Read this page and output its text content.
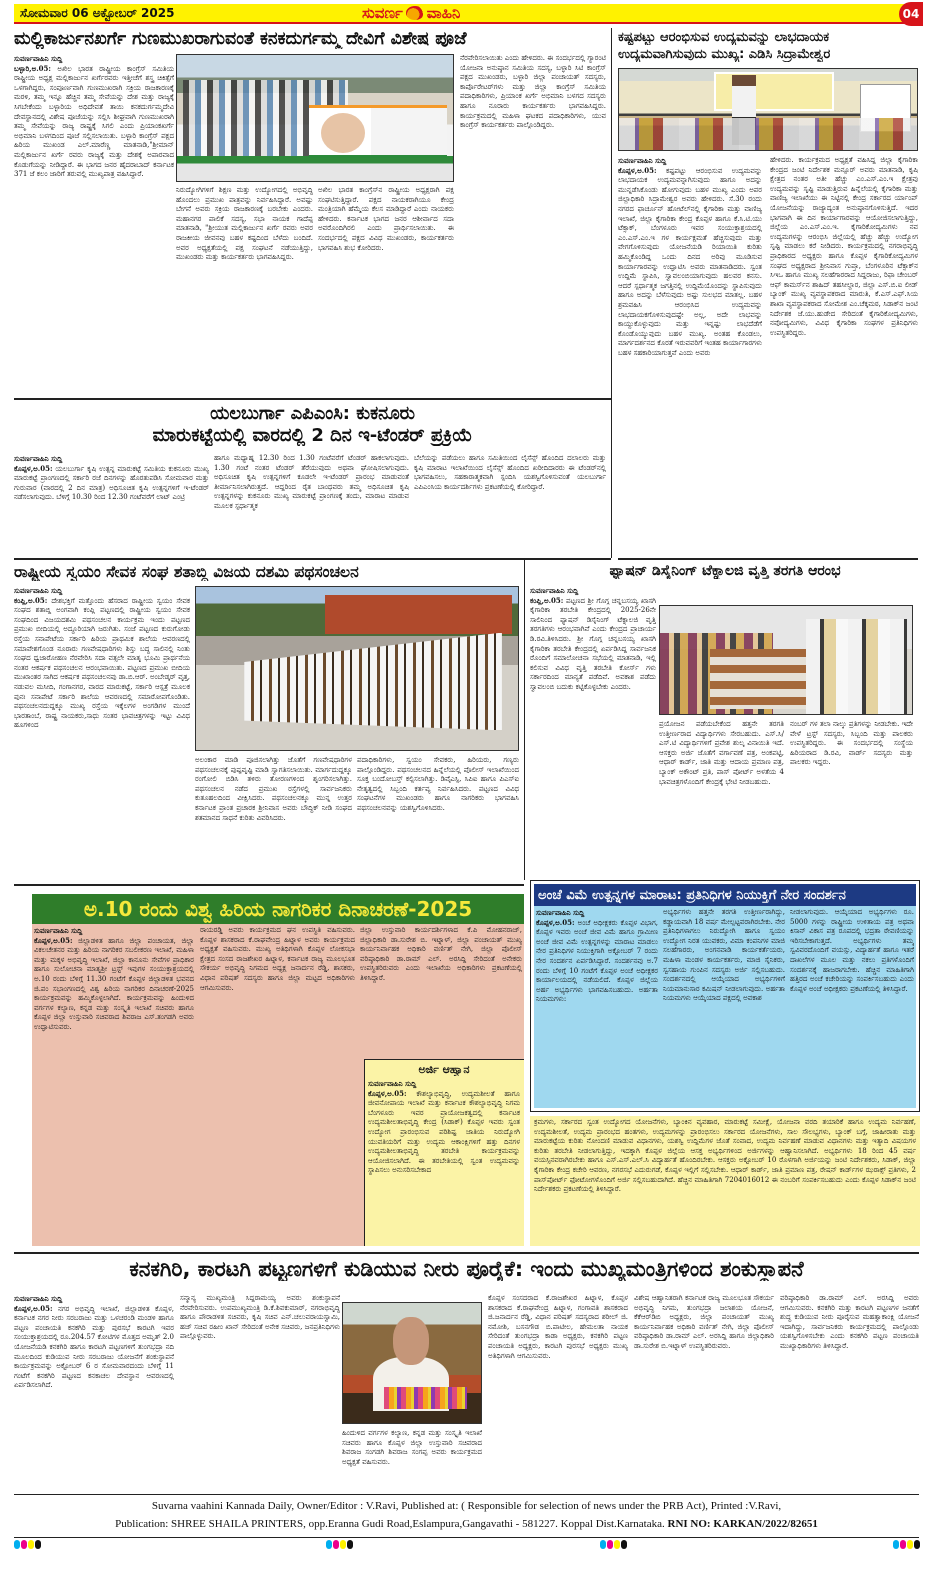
ಸೋಮವಾರ 06 ಅಕ್ಟೋಬರ್ 2025	ಸುವರ್ಣ ವಾಹಿನಿ	04
ಮಲ್ಲಿಕಾರ್ಜುನಖರ್ಗೆ ಗುಣಮುಖರಾಗುವಂತೆ ಕನಕದುರ್ಗಮ್ಮ ದೇವಿಗೆ ವಿಶೇಷ ಪೂಜೆ
ಸುವರ್ಣವಾಹಿನಿ ಸುದ್ದಿ
ಬಳ್ಳಾರಿ,ಅ.05: ಅಖಿಲ ಭಾರತ ರಾಷ್ಟ್ರೀಯ ಕಾಂಗ್ರೆಸ್ ಸಮಿತಿಯ ರಾಷ್ಟ್ರೀಯ ಅಧ್ಯಕ್ಷ ಮಲ್ಲಿಕಾರ್ಜುನ ಖರ್ಗೆರವರು ಇತ್ತೀಚೆಗೆ ಶಸ್ತ್ರ ಚಿಕಿತ್ಸೆಗೆ ಒಳಗಾಗಿದ್ದರು, ಸಂಪೂರ್ಣವಾಗಿ ಗುಣಮುಖರಾಗಿ ಸಕ್ರಿಯ ರಾಜಕಾರಣಕ್ಕೆ ಮರಳಿ, ತಮ್ಮ ಇನ್ನೂ ಹೆಚ್ಚಿನ ತಮ್ಮ ಸೇವೆಯನ್ನು ದೇಶ ಮತ್ತು ರಾಜ್ಯಕ್ಕೆ ಸಿಗಬೇಕೆಂದು ಬಳ್ಳಾರಿಯ ಅಧಿದೇವತೆ ತಾಯಿ ಕನಕದುರ್ಗಮ್ಮದೇವಿ ದೇವಸ್ಥಾನದಲ್ಲಿ ವಿಶೇಷ ಪೂಜೆಯನ್ನು ಸಲ್ಲಿಸಿ ಶೀಘ್ರವಾಗಿ ಗುಣಮುಖರಾಗಿ ತಮ್ಮ ಸೇವೆಯನ್ನು ರಾಜ್ಯ ರಾಷ್ಟ್ರಕ್ಕೆ ಸಿಗಲಿ ಎಂದು ಪ್ರಿಯಾಂಕಖರ್ಗೆ ಅಭಿಮಾನಿ ಬಳಗದಿಂದ ಪೂಜೆ ಸಲ್ಲಿಸಲಾಯಿತು. ಬಳ್ಳಾರಿ ಕಾಂಗ್ರೆಸ್ ಪಕ್ಷದ ಹಿರಿಯ ಮುಖಂಡ ಎಲ್.ಮಾರೆಣ್ಣ ಮಾತನಾಡಿ,"ಶ್ರೀಮಾನ್ ಮಲ್ಲಿಕಾರ್ಜುನ ಖರ್ಗೆ ರವರು ರಾಜ್ಯಕ್ಕೆ ಮತ್ತು ದೇಶಕ್ಕೆ ಅಪಾರವಾದ ಕೊಡುಗೆಯನ್ನು ನೀಡಿದ್ದಾರೆ. ಈ ಭಾಗದ ಜನರ ಹೈದರಾಬಾದ್ ಕರ್ನಾಟಕ 371 ಜೆ ಕಲಂ ಜಾರಿಗೆ ತರುವಲ್ಲಿ ಮುಖ್ಯಪಾತ್ರ ವಹಿಸಿದ್ದಾರೆ.
ನಿರುದ್ಯೋಗಿಗಳಿಗೆ ಶಿಕ್ಷಣ ಮತ್ತು ಉದ್ಯೋಗದಲ್ಲಿ ಅಭಿವೃದ್ಧಿ ಹೊಂದಲು ಪ್ರಮುಖ ಪಾತ್ರವನ್ನು ನಿರ್ವಹಿಸಿದ್ದಾರೆ. ಅವಷ್ಟು ಬೇಗನೆ ಅವರು ಸಕ್ರಿಯ ರಾಜಕಾರಣಕ್ಕೆ ಬರಬೇಕು ಎಂದರು. ಮಹಾನಗರ ಪಾಲಿಕೆ ಸದಸ್ಯ, ಸಭಾ ನಾಯಕ ಗಾದೆಪ್ಪ ಮಾತನಾಡಿ, "ಶ್ರೀಯುತ ಮಲ್ಲಿಕಾರ್ಜುನ ಖರ್ಗೆ ರವರು ಅವರ ರಾಜಕೀಯ ಜೀವನವು ಬಹಳ ಕಷ್ಟದಿಂದ ಬೆಳೆದು ಬಂದಿದೆ. ಅವರ ಅಧ್ಯಕ್ಷತೆಯಲ್ಲಿ ಪಕ್ಷ ಸಂಘಟನೆ ನಡೆಯುತ್ತಿದ್ದು, ಮುಖಂಡರು ಮತ್ತು ಕಾರ್ಯಕರ್ತರು ಭಾಗವಹಿಸಿದ್ದರು.
ಅಖಿಲ ಭಾರತ ಕಾಂಗ್ರೆಸ್‌ನ ರಾಷ್ಟ್ರೀಯ ಅಧ್ಯಕ್ಷರಾಗಿ ಪಕ್ಷ ಸಂಘಟಿಸುತ್ತಿದ್ದಾರೆ. ಪಕ್ಷದ ನಾಯಕರಾಗಿಯೂ ಕೇಂದ್ರ ಮಂತ್ರಿಯಾಗಿ ಹೆಮ್ಮೆಯ ಕೆಲಸ ಮಾಡಿದ್ದಾರೆ ಎಂದು ನಾಯಕರು ಹೇಳಿದರು. ಕರ್ನಾಟಕ ಭಾಗದ ಜನರ ಆಶೀರ್ವಾದ ಸದಾ ಅವರೊಂದಿಗಿರಲಿ ಎಂದು ಪ್ರಾರ್ಥಿಸಲಾಯಿತು. ಈ ಸಂದರ್ಭದಲ್ಲಿ ಪಕ್ಷದ ವಿವಿಧ ಮುಖಂಡರು, ಕಾರ್ಯಕರ್ತರು ಭಾಗವಹಿಸಿ ಶುಭ ಕೋರಿದರು.
ನೆರವೇರಿಸಲಾಯಿತು ಎಂದು ಹೇಳಿದರು. ಈ ಸಂದರ್ಭದಲ್ಲಿ ಗ್ಯಾರಂಟಿ ಯೋಜನಾ ಅನುಷ್ಠಾನ ಸಮಿತಿಯ ಸದಸ್ಯ, ಬಳ್ಳಾರಿ ಸಿಟಿ ಕಾಂಗ್ರೆಸ್ ಪಕ್ಷದ ಮುಖಂಡರು, ಬಳ್ಳಾರಿ ಜಿಲ್ಲಾ ಪಂಚಾಯತ್ ಸದಸ್ಯರು, ಕಾರ್ಪೊರೇಟರ್‌ಗಳು ಮತ್ತು ಜಿಲ್ಲಾ ಕಾಂಗ್ರೆಸ್ ಸಮಿತಿಯ ಪದಾಧಿಕಾರಿಗಳು, ಪ್ರಿಯಾಂಕ ಖರ್ಗೆ ಅಭಿಮಾನಿ ಬಳಗದ ಸದಸ್ಯರು ಹಾಗೂ ನೂರಾರು ಕಾರ್ಯಕರ್ತರು ಭಾಗವಹಿಸಿದ್ದರು. ಕಾರ್ಯಕ್ರಮದಲ್ಲಿ ಮಹಿಳಾ ಘಟಕದ ಪದಾಧಿಕಾರಿಗಳು, ಯುವ ಕಾಂಗ್ರೆಸ್ ಕಾರ್ಯಕರ್ತರು ಪಾಲ್ಗೊಂಡಿದ್ದರು.
ಕಷ್ಟಪಟ್ಟು ಆರಂಭಿಸುವ ಉದ್ಯಮವನ್ನು ಲಾಭದಾಯಕ
ಉದ್ಯಮವಾಗಿಸುವುದು ಮುಖ್ಯ: ಎಡಿಸಿ ಸಿದ್ರಾಮೇಶ್ವರ
ಸುವರ್ಣವಾಹಿನಿ ಸುದ್ದಿ
ಕೊಪ್ಪಳ,ಅ.05: ಕಷ್ಟಪಟ್ಟು ಆರಂಭಿಸುವ ಉದ್ಯಮವನ್ನು ಲಾಭದಾಯಕ ಉದ್ಯಮವನ್ನಾಗಿಸುವುದು ಹಾಗೂ ಅದನ್ನು ಮುನ್ನಡೆಸಿಕೊಂಡು ಹೋಗುವುದು ಬಹಳ ಮುಖ್ಯ ಎಂದು ಅಪರ ಜಿಲ್ಲಾಧಿಕಾರಿ ಸಿದ್ರಾಮೇಶ್ವರ ಅವರು ಹೇಳಿದರು. ಸೆ.30 ರಂದು ನಗರದ ಫಾರ್ಚೂನ್ ಹೋಟೆಲ್‌ನಲ್ಲಿ ಕೈಗಾರಿಕಾ ಮತ್ತು ವಾಣಿಜ್ಯ ಇಲಾಖೆ, ಜಿಲ್ಲಾ ಕೈಗಾರಿಕಾ ಕೇಂದ್ರ ಕೊಪ್ಪಳ ಹಾಗೂ ಕೆ.ಸಿ.ಟಿ.ಯು ಟೆಕ್ಸಾಕ್, ಬೆಂಗಳೂರು ಇವರ ಸಂಯುಕ್ತಾಶ್ರಯದಲ್ಲಿ ಎಂ.ಎಸ್.ಎಂ.ಇ ಗಳ ಕಾರ್ಯಕ್ಷಮತೆ ಹೆಚ್ಚಿಸುವುದು ಮತ್ತು ವೇಗಗೊಳಿಸುವುದು ಯೋಜನೆಯಡಿ ರಿಯಾಯಿತಿ ಕುರಿತು ಹಮ್ಮಿಕೊಂಡಿದ್ದ ಒಂದು ದಿನದ ಅರಿವು ಮೂಡಿಸುವ ಕಾರ್ಯಾಗಾರವನ್ನು ಉದ್ಘಾಟಿಸಿ ಅವರು ಮಾತನಾಡಿದರು. ಸ್ವಂತ ಉದ್ದಿಮೆ ಸ್ಥಾಪಿಸಿ, ಸ್ವಾವಲಂಬಿಯಾಗುವುದು ಹಲವರ ಕನಸು. ಆದರೆ ಸ್ಪರ್ಧಾತ್ಮಕ ಜಗತ್ತಿನಲ್ಲಿ ಉದ್ದಿಮೆಯೊಂದನ್ನು ಸ್ಥಾಪಿಸುವುದು ಹಾಗೂ ಅದನ್ನು ಬೆಳೆಸುವುದು ಅಷ್ಟು ಸುಲಭದ ಮಾತಲ್ಲ. ಬಹಳ ಶ್ರಮವಹಿಸಿ ಆರಂಭಿಸಿದ ಉದ್ಯಮವನ್ನು ಲಾಭದಾಯಕಗೊಳಿಸುವುದಷ್ಟೇ ಅಲ್ಲ, ಅದೇ ಲಾಭವನ್ನು ಕಾಯ್ದುಕೊಳ್ಳುವುದು ಮತ್ತು ಇನ್ನಷ್ಟು ಲಾಭದೆಡೆಗೆ ಕೊಂಡೊಯ್ಯುವುದು ಬಹಳ ಮುಖ್ಯ. ಅಂತಹ ಕೊಂಡಲು, ಮಾರ್ಗದರ್ಶನದ ಕೊರತೆ ಇರುವವರಿಗೆ ಇಂತಹ ಕಾರ್ಯಾಗಾರಗಳು ಬಹಳ ಸಹಕಾರಿಯಾಗುತ್ತವೆ ಎಂದು ಅವರು
ಹೇಳಿದರು. ಕಾರ್ಯಕ್ರಮದ ಅಧ್ಯಕ್ಷತೆ ವಹಿಸಿದ್ದ ಜಿಲ್ಲಾ ಕೈಗಾರಿಕಾ ಕೇಂದ್ರದ ಜಂಟಿ ನಿರ್ದೇಶಕ ಮನ್ಸೂರ್ ಅವರು ಮಾತನಾಡಿ, ಕೃಷಿ ಕ್ಷೇತ್ರದ ನಂತರ ಅತೀ ಹೆಚ್ಚು ಎಂ.ಎಸ್.ಎಂ.ಇ ಕ್ಷೇತ್ರವು ಉದ್ಯಮವನ್ನು ಸೃಷ್ಟಿ ಮಾಡುತ್ತಿರುವ ಹಿನ್ನೆಲೆಯಲ್ಲಿ ಕೈಗಾರಿಕಾ ಮತ್ತು ವಾಣಿಜ್ಯ ಇಲಾಖೆಯು ಈ ನಿಟ್ಟಿನಲ್ಲಿ ಕೇಂದ್ರ ಸರ್ಕಾರದ ರ್ಯಾಂಪ್ ಯೋಜನೆಯನ್ನು ರಾಜ್ಯಾದ್ಯಂತ ಅನುಷ್ಠಾನಗೊಳಿಸುತ್ತಿದೆ. ಇದರ ಭಾಗವಾಗಿ ಈ ದಿನ ಕಾರ್ಯಾಗಾರವನ್ನು ಆಯೋಜಿಸಲಾಗುತ್ತಿದ್ದು, ಜಿಲ್ಲೆಯ ಎಂ.ಎಸ್.ಎಂ.ಇ. ಕೈಗಾರಿಕೋದ್ಯಮಿಗಳು ನವ ಉದ್ಯಮಗಳನ್ನು ಆರಂಭಿಸಿ ಜಿಲ್ಲೆಯಲ್ಲಿ ಹೆಚ್ಚು ಹೆಚ್ಚು ಉದ್ಯೋಗ ಸೃಷ್ಟಿ ಮಾಡಲು ಕರೆ ನೀಡಿದರು. ಕಾರ್ಯಕ್ರಮದಲ್ಲಿ ನಗರಾಭಿವೃದ್ಧಿ ಪ್ರಾಧಿಕಾರದ ಅಧ್ಯಕ್ಷರು ಹಾಗೂ ಕೊಪ್ಪಳ ಕೈಗಾರಿಕೋದ್ಯಮಿಗಳ ಸಂಘದ ಅಧ್ಯಕ್ಷರಾದ ಶ್ರೀನಿವಾಸ ಗುಪ್ತಾ, ಬೆಂಗಳೂರಿನ ಟೆಕ್ಸಾಕ್‌ನ ಸಿಇಒ ಹಾಗೂ ಮುಖ್ಯ ಸಲಹೆಗಾರರಾದ ಸಿದ್ದರಾಜು, ರಿಫಾ ಚೇಂಬರ್ ಆಫ್ ಕಾಮರ್ಸ್‌ನ ಶಾಹಿದ್ ತಹಸೀಲ್ದಾರ, ಜಿಲ್ಲಾ ಎಸ್.ಬಿ.ಐ ಲೀಡ್ ಬ್ಯಾಂಕ್ ಮುಖ್ಯ ವ್ಯವಸ್ಥಾಪಕರಾದ ಮಾರುತಿ, ಕೆ.ಎಸ್.ಎಫ್.ಸಿಯ ಶಾಖಾ ವ್ಯವಸ್ಥಾಪಕರಾದ ಸೋಮೇಶ ಎಂ.ಚೆಕ್ಕಮಠ, ಸಿಡಾಕ್‌ನ ಜಂಟಿ ನಿರ್ದೇಶಕ ಜೆ.ಯು.ಹುಡೇದ ಸೇರಿದಂತೆ ಕೈಗಾರಿಕೋದ್ಯಮಿಗಳು, ನವೋದ್ಯಮಿಗಳು, ವಿವಿಧ ಕೈಗಾರಿಕಾ ಸಂಘಗಳ ಪ್ರತಿನಿಧಿಗಳು ಉಪಸ್ಥಿತರಿದ್ದರು.
ಯಲಬುರ್ಗಾ ಎಪಿಎಂಸಿ: ಕುಕನೂರು
ಮಾರುಕಟ್ಟೆಯಲ್ಲಿ ವಾರದಲ್ಲಿ 2 ದಿನ ಇ-ಟೆಂಡರ್ ಪ್ರಕ್ರಿಯೆ
ಸುವರ್ಣವಾಹಿನಿ ಸುದ್ದಿ
ಕೊಪ್ಪಳ,ಅ.05: ಯಲಬುರ್ಗಾ ಕೃಷಿ ಉತ್ಪನ್ನ ಮಾರುಕಟ್ಟೆ ಸಮಿತಿಯ ಕುಕನೂರು ಮುಖ್ಯ ಮಾರುಕಟ್ಟೆ ಪ್ರಾಂಗಣದಲ್ಲಿ ಸರ್ಕಾರಿ ರಜೆ ದಿನಗಳನ್ನು ಹೊರತುಪಡಿಸಿ ಸೋಮವಾರ ಮತ್ತು ಗುರುವಾರ (ವಾರದಲ್ಲಿ 2 ದಿನ ಮಾತ್ರ) ಅಧಿಸೂಚಿತ ಕೃಷಿ ಉತ್ಪನ್ನಗಳಿಗೆ ಇ-ಟೆಂಡರ್ ನಡೆಸಲಾಗುವುದು. ಬೆಳಿಗ್ಗೆ 10.30 ರಿಂದ 12.30 ಗಂಟೆವರೆಗೆ ಲಾಟ್ ಎಂಟ್ರಿ
ಹಾಗೂ ಮಧ್ಯಾಹ್ನ 12.30 ರಿಂದ 1.30 ಗಂಟೆವರೆಗೆ ಟೆಂಡರ್ ಹಾಕಲಾಗುವುದು. 1.30 ಗಂಟೆ ನಂತರ ಟೆಂಡರ್ ತೆರೆಯುವುದು ಅಥವಾ ಘೋಷಿಸಲಾಗುವುದು. ಅಧಿಸೂಚಿತ ಕೃಷಿ ಉತ್ಪನ್ನಗಳಿಗೆ ಕೂಡಲೇ ಇ-ಟೆಂಡರ್ ಪ್ರಾರಂಭ ಮಾಡುವಂತೆ ತೀರ್ಮಾನಿಸಲಾಗಿರುತ್ತದೆ. ಆದ್ದರಿಂದ ರೈತ ಬಾಂಧವರು ತಮ್ಮ ಅಧಿಸೂಚಿತ ಕೃಷಿ ಉತ್ಪನ್ನಗಳನ್ನು ಕುಕನೂರು ಮುಖ್ಯ ಮಾರುಕಟ್ಟೆ ಪ್ರಾಂಗಣಕ್ಕೆ ತಂದು, ಮಾರಾಟ ಮಾಡುವ ಮೂಲಕ ಸ್ಪರ್ಧಾತ್ಮಕ
ಬೆಲೆಯನ್ನು ಪಡೆಯಲು ಹಾಗೂ ಸಮಿತಿಯಿಂದ ಲೈಸೆನ್ಸ್ ಹೊಂದಿದ ದಲಾಲರು ಮತ್ತು ಕೃಷಿ ಮಾರಾಟ ಇಲಾಖೆಯಿಂದ ಲೈಸೆನ್ಸ್ ಹೊಂದಿದ ಖರೀದಿದಾರರು ಈ ಟೆಂಡರ್‌ನಲ್ಲಿ ಭಾಗವಹಿಸಲು, ಸಹಕಾರಾತ್ಮಕವಾಗಿ ಸ್ಪಂದಿಸಿ ಯಶಸ್ವಿಗೊಳಿಸುವಂತೆ ಯಲಬುರ್ಗಾ ಎಪಿಎಂಸಿಯ ಕಾರ್ಯದರ್ಶಿಗಳು ಪ್ರಕಟಣೆಯಲ್ಲಿ ಕೋರಿದ್ದಾರೆ.
ರಾಷ್ಟ್ರೀಯ ಸ್ವಯಂ ಸೇವಕ ಸಂಘ ಶತಾಬ್ದಿ ವಿಜಯ ದಶಮಿ ಪಥಸಂಚಲನ
ಸುವರ್ಣವಾಹಿನಿ ಸುದ್ದಿ
ಕಂಪ್ಲಿ,ಅ.05: ದೇಶಭಕ್ತಿಗೆ ಮತ್ತೊಂದು ಹೆಸರಾದ ರಾಷ್ಟ್ರೀಯ ಸ್ವಯಂ ಸೇವಕ ಸಂಘದ ಶತಾಬ್ದಿ ಅಂಗವಾಗಿ ಕಂಪ್ಲಿ ಪಟ್ಟಣದಲ್ಲಿ ರಾಷ್ಟ್ರೀಯ ಸ್ವಯಂ ಸೇವಕ ಸಂಘದಿಂದ ವಿಜಯದಶಮಿ ಪಥಸಂಚಲನ ಕಾರ್ಯಕ್ರಮ ಇಂದು ಪಟ್ಟಣದ ಪ್ರಮುಖ ಬೀದಿಯಲ್ಲಿ ಅದ್ಧೂರಿಯಾಗಿ ಜರುಗಿತು. ಸಂಜೆ ಪಟ್ಟಣದ ಕುರುಗೋಡು ರಸ್ತೆಯ ಸನಾಪೇಟೆಯ ಸರ್ಕಾರಿ ಹಿರಿಯ ಪ್ರಾಥಮಿಕ ಶಾಲೆಯ ಆವರಣದಲ್ಲಿ ಸಮಾವೇಶಗೊಂಡ ನೂರಾರು ಗಣವೇಷಧಾರಿಗಳು ಶಿಸ್ತು ಬದ್ಧ ಸಾಲಿನಲ್ಲಿ ನಿಂತು ಸಂಘದ ಧ್ವಜಾರೋಹಣ ನೆರವೇರಿಸಿ ಸದಾ ವತ್ಸಲೇ ಮಾತೃ ಭೂಮಿ ಪ್ರಾರ್ಥನೆಯ ನಂತರ ಆಕರ್ಷಕ ಪಥಸಂಚಲನ ಆರಂಭವಾಯಿತು. ಪಟ್ಟಣದ ಪ್ರಮುಖ ಬೀದಿಯ ಮುಖಾಂತರ ಸಾಗಿದ ಆಕರ್ಷಕ ಪಥಸಂಚಲನವು ಡಾ.ಬಿ.ಆರ್. ಅಂಬೇಡ್ಕರ್ ವೃತ್ತ, ನಡುವಲ ಮಸೀದಿ, ಗಂಗಾನಗರ, ವಾರದ ಮಾರುಕಟ್ಟೆ, ಸರ್ಕಾರಿ ಆಸ್ಪತ್ರೆ ಮೂಲಕ ಪುನಃ ಸನಾಪೇಟೆ ಸರ್ಕಾರಿ ಶಾಲೆಯ ಆವರಣದಲ್ಲಿ ಸಮಾರೋಪಗೊಂಡಿತು. ಪಥಸಂಚಲನದುದ್ದಕ್ಕೂ ಮುಖ್ಯ ರಸ್ತೆಯ ಇಕ್ಕೆಲಗಳ ಅಂಗಡಿಗಳ ಮುಂದೆ ಭಾರತಾಂಬೆ, ರಾಷ್ಟ್ರ ನಾಯಕರು,ಸಾಧು ಸಂತರ ಭಾವಚಿತ್ರಗಳನ್ನು ಇಟ್ಟು ವಿವಿಧ ಹೂಗಳಿಂದ
ಅಲಂಕಾರ ಮಾಡಿ ಪೂಜಿಸಲಾಗಿತ್ತು ಜೊತೆಗೆ ಗಣವೇಷಧಾರಿಗಳ ಪಥಸಂಚಲನಕ್ಕೆ ಪುಷ್ಪವೃಷ್ಟಿ ಮಾಡಿ ಸ್ವಾಗತಿಸಲಾಯಿತು. ಮಾರ್ಗದುದ್ದಕ್ಕೂ ರಂಗೋಲಿ ಬಿಡಿಸಿ ತಳಿರು ತೋರಣಗಳಿಂದ ಶೃಂಗರಿಸಲಾಗಿತ್ತು. ಪಥಸಂಚಲನ ನಡೆದ ಪ್ರಮುಖ ರಸ್ತೆಗಳಲ್ಲಿ ಸಾರ್ವಜನಿಕರು ಕುತೂಹಲದಿಂದ ವೀಕ್ಷಿಸಿದರು. ಪಥಸಂಚಲನಕ್ಕೂ ಮುನ್ನ ಉತ್ತರ ಕರ್ನಾಟಕ ಪ್ರಾಂತ ಪ್ರಚಾರಕ ಶ್ರೀನಿವಾಸ ಅವರು ಬೌದ್ಧಿಕ್ ನೀಡಿ ಸಂಘದ ಶತಮಾನದ ಸಾಧನೆ ಕುರಿತು ವಿವರಿಸಿದರು.
ಪದಾಧಿಕಾರಿಗಳು, ಸ್ವಯಂ ಸೇವಕರು, ಹಿರಿಯರು, ಗಣ್ಯರು ಪಾಲ್ಗೊಂಡಿದ್ದರು. ಪಥಸಂಚಲನದ ಹಿನ್ನೆಲೆಯಲ್ಲಿ ಪೊಲೀಸ್ ಇಲಾಖೆಯಿಂದ ಸೂಕ್ತ ಬಂದೋಬಸ್ತ್ ಕಲ್ಪಿಸಲಾಗಿತ್ತು. ಡಿವೈಎಸ್ಪಿ, ಸಿಪಿಐ ಹಾಗೂ ಪಿಎಸ್ಐ ನೇತೃತ್ವದಲ್ಲಿ ಸಿಬ್ಬಂದಿ ಕರ್ತವ್ಯ ನಿರ್ವಹಿಸಿದರು. ಪಟ್ಟಣದ ವಿವಿಧ ಸಂಘಟನೆಗಳ ಮುಖಂಡರು ಹಾಗೂ ನಾಗರಿಕರು ಭಾಗವಹಿಸಿ ಪಥಸಂಚಲನವನ್ನು ಯಶಸ್ವಿಗೊಳಿಸಿದರು.
ಫ್ಯಾಷನ್ ಡಿಸೈನಿಂಗ್ ಟೆಕ್ನಾಲಜಿ ವೃತ್ತಿ ತರಗತಿ ಆರಂಭ
ಸುವರ್ಣವಾಹಿನಿ ಸುದ್ದಿ
ಕಂಪ್ಲಿ,ಅ.05: ಪಟ್ಟಣದ ಶ್ರೀ ಗೊಗ್ಗ ಚನ್ನಬಸಯ್ಯ ಖಾಸಗಿ ಕೈಗಾರಿಕಾ ತರಬೇತಿ ಕೇಂದ್ರದಲ್ಲಿ 2025-26ನೇ ಸಾಲಿನಿಂದ ಫ್ಯಾಷನ್ ಡಿಸೈನಿಂಗ್ ಟೆಕ್ನಾಲಜಿ ವೃತ್ತಿ ತರಗತಿಗಳು ಆರಂಭವಾಗಿವೆ ಎಂದು ಕೇಂದ್ರದ ಪ್ರಾಚಾರ್ಯ ಡಿ.ರವಿ.ತಿಳಿಸಿದರು. ಶ್ರೀ ಗೊಗ್ಗ ಚನ್ನಬಸಯ್ಯ ಖಾಸಗಿ ಕೈಗಾರಿಕಾ ತರಬೇತಿ ಕೇಂದ್ರದಲ್ಲಿ ಏರ್ಪಡಿಸಿದ್ದ ಸಾರ್ವಜನಿಕ ರೊಂದಿಗೆ ಸಮಾಲೋಚನಾ ಸಭೆಯಲ್ಲಿ ಮಾತನಾಡಿ, ಇಲ್ಲಿ ಕಲಿಸುವ ವಿವಿಧ ವೃತ್ತಿ ತರಬೇತಿ ಕೋರ್ಸ್ ಗಳು ಸರ್ಕಾರದಿಂದ ಮಾನ್ಯತೆ ಪಡೆದಿವೆ. ಅವಕಾಶ ಪಡೆದು ಸ್ವಾವಲಂಬಿ ಬದುಕು ಕಟ್ಟಿಕೊಳ್ಳಬೇಕು ಎಂದರು.
ಪ್ರಯೋಜನ ಪಡೆಯಬೇಕೆಂದ ಹತ್ತನೇ ತರಗತಿ ಉತ್ತೀರ್ಣರಾದ ವಿದ್ಯಾರ್ಥಿಗಳು ಸೇರಬಹುದು. ಎಸ್.ಸಿ/ಎಸ್.ಟಿ ವಿದ್ಯಾರ್ಥಿಗಳಿಗೆ ಪ್ರವೇಶ ಶುಲ್ಕ ವಿನಾಯಿತಿ ಇದೆ. ಆಸಕ್ತರು ಅರ್ಜಿ ಜೊತೆಗೆ ವರ್ಗಾವಣೆ ಪತ್ರ, ಅಂಕಪಟ್ಟಿ, ಆಧಾರ್ ಕಾರ್ಡ್, ಜಾತಿ ಮತ್ತು ಆದಾಯ ಪ್ರಮಾಣ ಪತ್ರ, ಬ್ಯಾಂಕ್ ಅಕೌಂಟ್ ಪ್ರತಿ, ಪಾಸ್ ಪೋರ್ಟ್ ಅಳತೆಯ 4 ಭಾವಚಿತ್ರಗಳೊಂದಿಗೆ ಕೇಂದ್ರಕ್ಕೆ ಭೇಟಿ ನೀಡಬಹುದು.
ನಂಬರ್ ಗಳ ತಲಾ ನಾಲ್ಕು ಪ್ರತಿಗಳನ್ನು ನೀಡಬೇಕು. ಇದೇ ವೇಳೆ ಟ್ರಸ್ಟ್ ಸದಸ್ಯರು, ಸಿಬ್ಬಂದಿ ಮತ್ತು ಪಾಲಕರು ಉಪಸ್ಥಿತರಿದ್ದರು. ಈ ಸಂದರ್ಭದಲ್ಲಿ ಸಂಸ್ಥೆಯ ಹಿರಿಯರಾದ ಡಿ.ರವಿ, ವಾರ್ಡ್ ಸದಸ್ಯರು ಮತ್ತು ಪಾಲಕರು ಇದ್ದರು.
ಅ.10 ರಂದು ವಿಶ್ವ ಹಿರಿಯ ನಾಗರಿಕರ ದಿನಾಚರಣೆ-2025
ಸುವರ್ಣವಾಹಿನಿ ಸುದ್ದಿ
ಕೊಪ್ಪಳ,ಅ.05: ಜಿಲ್ಲಾಡಳಿತ ಹಾಗೂ ಜಿಲ್ಲಾ ಪಂಚಾಯತ, ಜಿಲ್ಲಾ ವಿಕಲಚೇತನರ ಮತ್ತು ಹಿರಿಯ ನಾಗರಿಕರ ಸಬಲೀಕರಣ ಇಲಾಖೆ, ಮಹಿಳಾ ಮತ್ತು ಮಕ್ಕಳ ಅಭಿವೃದ್ಧಿ ಇಲಾಖೆ, ಜಿಲ್ಲಾ ಕಾನೂನು ಸೇವೆಗಳ ಪ್ರಾಧಿಕಾರ ಹಾಗೂ ಸುಲೋಚನಾ ಮಾತೃಶ್ರೀ ಟ್ರಸ್ಟ್ ಇವುಗಳ ಸಂಯುಕ್ತಾಶ್ರಯದಲ್ಲಿ ಅ.10 ರಂದು ಬೆಳಿಗ್ಗೆ 11.30 ಗಂಟೆಗೆ ಕೊಪ್ಪಳ ಜಿಲ್ಲಾಡಳಿತ ಭವನದ ಜಿ.ಪಂ ಸಭಾಂಗಣದಲ್ಲಿ ವಿಶ್ವ ಹಿರಿಯ ನಾಗರಿಕರ ದಿನಾಚರಣೆ-2025 ಕಾರ್ಯಕ್ರಮವನ್ನು ಹಮ್ಮಿಕೊಳ್ಳಲಾಗಿದೆ. ಕಾರ್ಯಕ್ರಮವನ್ನು ಹಿಂದುಳಿದ ವರ್ಗಗಳ ಕಲ್ಯಾಣ, ಕನ್ನಡ ಮತ್ತು ಸಂಸ್ಕೃತಿ ಇಲಾಖೆ ಸಚಿವರು ಹಾಗೂ ಕೊಪ್ಪಳ ಜಿಲ್ಲಾ ಉಸ್ತುವಾರಿ ಸಚಿವರಾದ ಶಿವರಾಜ ಎಸ್.ತಂಗಡಗಿ ಅವರು ಉದ್ಘಾಟಿಸುವರು.
ರಾಯರಡ್ಡಿ ಅವರು ಕಾರ್ಯಕ್ರಮದ ಘನ ಉಪಸ್ಥಿತಿ ವಹಿಸುವರು. ಕೊಪ್ಪಳ ಶಾಸಕರಾದ ಕೆ.ರಾಘವೇಂದ್ರ ಹಿಟ್ನಾಳ ಅವರು ಕಾರ್ಯಕ್ರಮದ ಅಧ್ಯಕ್ಷತೆ ವಹಿಸುವರು. ಮುಖ್ಯ ಅತಿಥಿಗಳಾಗಿ ಕೊಪ್ಪಳ ಲೋಕಸಭಾ ಕ್ಷೇತ್ರದ ಸಂಸದ ರಾಜಶೇಖರ ಹಿಟ್ನಾಳ, ಕರ್ನಾಟಕ ರಾಜ್ಯ ಮೂಲಭೂತ ಸೌಕರ್ಯ ಅಭಿವೃದ್ಧಿ ನಿಗಮದ ಅಧ್ಯಕ್ಷ ಜನಾರ್ದನ ರೆಡ್ಡಿ, ಶಾಸಕರು, ವಿಧಾನ ಪರಿಷತ್ ಸದಸ್ಯರು ಹಾಗೂ ಜಿಲ್ಲಾ ಮಟ್ಟದ ಅಧಿಕಾರಿಗಳು ಆಗಮಿಸುವರು.
ಜಿಲ್ಲಾ ಉಸ್ತುವಾರಿ ಕಾರ್ಯದರ್ಶಿಗಳಾದ ಕೆ.ಪಿ ಮೋಹನರಾಜ್, ಜಿಲ್ಲಾಧಿಕಾರಿ ಡಾ.ಸುರೇಶ ಬಿ. ಇಟ್ನಾಳ್, ಜಿಲ್ಲಾ ಪಂಚಾಯತ್ ಮುಖ್ಯ ಕಾರ್ಯನಿರ್ವಾಹಕ ಅಧಿಕಾರಿ ವರ್ಣಿತ್ ನೇಗಿ, ಜಿಲ್ಲಾ ಪೊಲೀಸ್ ವರಿಷ್ಠಾಧಿಕಾರಿ ಡಾ.ರಾಮ್ ಎಲ್. ಅರಸಿದ್ದಿ ಸೇರಿದಂತೆ ಅನೇಕರು ಉಪಸ್ಥಿತರಿರುವರು ಎಂದು ಇಲಾಖೆಯ ಅಧಿಕಾರಿಗಳು ಪ್ರಕಟಣೆಯಲ್ಲಿ ತಿಳಿಸಿದ್ದಾರೆ.
ಅರ್ಜಿ ಆಹ್ವಾನ
ಸುವರ್ಣವಾಹಿನಿ ಸುದ್ದಿ
ಕೊಪ್ಪಳ,ಅ.05: ಕೌಶಲ್ಯಾಭಿವೃದ್ಧಿ, ಉದ್ಯಮಶೀಲತೆ ಹಾಗೂ ಜೀವನೋಪಾಯ ಇಲಾಖೆ ಮತ್ತು ಕರ್ನಾಟಕ ಕೌಶಲ್ಯಾಭಿವೃದ್ಧಿ ನಿಗಮ ಬೆಂಗಳೂರು ಇವರ ಪ್ರಾಯೋಜಕತ್ವದಲ್ಲಿ ಕರ್ನಾಟಕ ಉದ್ಯಮಶೀಲತಾಭಿವೃದ್ಧಿ ಕೇಂದ್ರ (ಸಿಡಾಕ್) ಕೊಪ್ಪಳ ಇವರು ಸ್ವಂತ ಉದ್ಯೋಗ ಪ್ರಾರಂಭಿಸುವ ಪರಿಶಿಷ್ಟ ಜಾತಿಯ ನಿರುದ್ಯೋಗಿ ಯುವತಿಯರಿಗೆ ಮತ್ತು ಉದ್ಯಮ ಆಕಾಂಕ್ಷಿಗಳಿಗೆ ಹತ್ತು ದಿನಗಳ ಉದ್ಯಮಶೀಲತಾಭಿವೃದ್ಧಿ ತರಬೇತಿ ಕಾರ್ಯಕ್ರಮವನ್ನು ಆಯೋಜಿಸಲಾಗಿದೆ. ಈ ತರಬೇತಿಯಲ್ಲಿ ಸ್ವಂತ ಉದ್ಯಮವನ್ನು ಸ್ಥಾಪಿಸಲು ಅನುಸರಿಸಬೇಕಾದ
ಅಂಚೆ ವಿಮೆ ಉತ್ಪನ್ನಗಳ ಮಾರಾಟ: ಪ್ರತಿನಿಧಿಗಳ ನಿಯುಕ್ತಿಗೆ ನೇರ ಸಂದರ್ಶನ
ಸುವರ್ಣವಾಹಿನಿ ಸುದ್ದಿ
ಕೊಪ್ಪಳ,ಅ.05: ಅಂಚೆ ಅಧೀಕ್ಷಕರು ಕೊಪ್ಪಳ ವಿಭಾಗ, ಕೊಪ್ಪಳ ಇವರು ಅಂಚೆ ಜೀವ ವಿಮೆ ಹಾಗೂ ಗ್ರಾಮೀಣ ಅಂಚೆ ಜೀವ ವಿಮೆ ಉತ್ಪನ್ನಗಳನ್ನು ಮಾರಾಟ ಮಾಡಲು ನೇರ ಪ್ರತಿನಿಧಿಗಳ ನಿಯುಕ್ತಿಗಾಗಿ ಅಕ್ಟೋಬರ್ 7 ರಂದು ನೇರ ಸಂದರ್ಶನ ಏರ್ಪಡಿಸಿದ್ದಾರೆ. ಸಂದರ್ಶನವು ಅ.7 ರಂದು ಬೆಳಿಗ್ಗೆ 10 ಗಂಟೆಗೆ ಕೊಪ್ಪಳ ಅಂಚೆ ಅಧೀಕ್ಷಕರ ಕಾರ್ಯಾಲಯದಲ್ಲಿ ನಡೆಯಲಿದೆ. ಕೊಪ್ಪಳ ಜಿಲ್ಲೆಯ ಅರ್ಹ ಅಭ್ಯರ್ಥಿಗಳು ಭಾಗವಹಿಸಬಹುದು. ಅರ್ಹತಾ ನಿಯಮಗಳು:
ಅಭ್ಯರ್ಥಿಗಳು ಹತ್ತನೇ ತರಗತಿ ಉತ್ತೀರ್ಣರಾಗಿದ್ದು, ಕಡ್ಡಾಯವಾಗಿ 18 ವರ್ಷ ಮೇಲ್ಪಟ್ಟವರಾಗಿರಬೇಕು. ನೇರ ಪ್ರತಿನಿಧಿಗಳಾಗಲು ನಿರುದ್ಯೋಗಿ ಹಾಗೂ ಸ್ವಯಂ ಉದ್ಯೋಗ ನಿರತ ಯುವಕರು, ವಿಮಾ ಕಂಪನಿಗಳ ಮಾಜಿ ಸಲಹೆಗಾರರು, ಅಂಗನವಾಡಿ ಕಾರ್ಯಕರ್ತೆಯರು, ಮಹಿಳಾ ಮಂಡಳ ಕಾರ್ಯಕರ್ತರು, ಮಾಜಿ ಸೈನಿಕರು, ಸ್ವಸಹಾಯ ಗುಂಪಿನ ಸದಸ್ಯರು ಅರ್ಜಿ ಸಲ್ಲಿಸಬಹುದು. ಸಂದರ್ಶನದಲ್ಲಿ ಆಯ್ಕೆಯಾದ ಅಭ್ಯರ್ಥಿಗಳಿಗೆ ನಿಯಮಾನುಸಾರ ಕಮಿಷನ್ ನೀಡಲಾಗುವುದು. ಅರ್ಹತಾ ನಿಯಮಗಳು ಆಯ್ಕೆಯಾದ ಪಕ್ಷದಲ್ಲಿ ಅವಕಾಶ
ನೀಡಲಾಗುವುದು. ಆಯ್ಕೆಯಾದ ಅಭ್ಯರ್ಥಿಗಳು ರೂ. 5000 ಗಳನ್ನು ರಾಷ್ಟ್ರೀಯ ಉಳಿತಾಯ ಪತ್ರ ಅಥವಾ ಕಿಸಾನ್ ವಿಕಾಸ ಪತ್ರ ರೂಪದಲ್ಲಿ ಭದ್ರತಾ ಠೇವಣಿಯನ್ನು ಇರಿಸಬೇಕಾಗುತ್ತದೆ. ಅಭ್ಯರ್ಥಿಗಳು ತಮ್ಮ ಸ್ವವಿವರದೊಂದಿಗೆ ವಯಸ್ಸು, ವಿದ್ಯಾರ್ಹತೆ ಹಾಗೂ ಇತರೆ ದಾಖಲೆಗಳ ಮೂಲ ಮತ್ತು ನಕಲು ಪ್ರತಿಗಳೊಂದಿಗೆ ಸಂದರ್ಶನಕ್ಕೆ ಹಾಜರಾಗಬೇಕು. ಹೆಚ್ಚಿನ ಮಾಹಿತಿಗಾಗಿ ಹತ್ತಿರದ ಅಂಚೆ ಕಚೇರಿಯನ್ನು ಸಂಪರ್ಕಿಸಬಹುದು ಎಂದು ಕೊಪ್ಪಳ ಅಂಚೆ ಅಧೀಕ್ಷಕರು ಪ್ರಕಟಣೆಯಲ್ಲಿ ತಿಳಿಸಿದ್ದಾರೆ.
ಕ್ರಮಗಳು, ಸರ್ಕಾರದ ಸ್ವಂತ ಉದ್ಯೋಗದ ಯೋಜನೆಗಳು, ಬ್ಯಾಂಕಿನ ವ್ಯವಹಾರ, ಮಾರುಕಟ್ಟೆ ಸಮೀಕ್ಷೆ, ಯೋಜನಾ ವರದಿ ತಯಾರಿಕೆ ಹಾಗೂ ಉದ್ಯಮ ನಿರ್ವಹಣೆ, ಉದ್ಯಮಶೀಲತೆ, ಉದ್ಯಮ ಪ್ರಾರಂಭದ ಹಂತಗಳು, ಉದ್ಯಮಗಳನ್ನು ಪ್ರಾರಂಭಿಸಲು ಸರ್ಕಾರದ ಯೋಜನೆಗಳು, ಸಾಲ ಸೌಲಭ್ಯಗಳು, ಬ್ಯಾಂಕ್ ಬಗ್ಗೆ, ಜಾಹೀರಾತು ಮತ್ತು ಮಾರುಕಟ್ಟೆಯ ಕುರಿತು ನೋಂದಣಿ ಮಾಡುವ ವಿಧಾನಗಳು, ಯಶಸ್ವಿ ಉದ್ದಿಮೆಗಳ ಜೊತೆ ಸಂವಾದ, ಉದ್ಯಮ ನಿರ್ವಹಣೆ ಮಾಡುವ ವಿಧಾನಗಳು ಮತ್ತು ಇತ್ಯಾದಿ ವಿಷಯಗಳ ಕುರಿತು ತರಬೇತಿ ನೀಡಲಾಗುತ್ತಿದ್ದು, ಇದಕ್ಕಾಗಿ ಕೊಪ್ಪಳ ಜಿಲ್ಲೆಯ ಆಸಕ್ತ ಅಭ್ಯರ್ಥಿಗಳಿಂದ ಅರ್ಜಿಗಳನ್ನು ಆಹ್ವಾನಿಸಲಾಗಿದೆ. ಅಭ್ಯರ್ಥಿಗಳು 18 ರಿಂದ 45 ವರ್ಷ ವಯಸ್ಸಿನವರಾಗಿರಬೇಕು ಹಾಗೂ ಎಸ್.ಎಸ್.ಎಲ್.ಸಿ ವಿದ್ಯಾರ್ಹತೆ ಹೊಂದಿರಬೇಕು. ಆಸಕ್ತರು ಅಕ್ಟೋಬರ್ 10 ರೊಳಗಾಗಿ ಅರ್ಜಿಯನ್ನು ಜಂಟಿ ನಿರ್ದೇಶಕರು, ಸಿಡಾಕ್, ಜಿಲ್ಲಾ ಕೈಗಾರಿಕಾ ಕೇಂದ್ರ ಕಚೇರಿ ಆವರಣ, ನಗರಸಭೆ ಎದುರುಗಡೆ, ಕೊಪ್ಪಳ ಇಲ್ಲಿಗೆ ಸಲ್ಲಿಸಬೇಕು. ಆಧಾರ್ ಕಾರ್ಡ್, ಜಾತಿ ಪ್ರಮಾಣ ಪತ್ರ, ರೇಷನ್ ಕಾರ್ಡ್‌ಗಳ ಝರಾಕ್ಸ್ ಪ್ರತಿಗಳು, 2 ಪಾಸ್‌ಪೋರ್ಟ್ ಫೋಟೋಗಳೊಂದಿಗೆ ಅರ್ಜಿ ಸಲ್ಲಿಸಬಹುದಾಗಿದೆ. ಹೆಚ್ಚಿನ ಮಾಹಿತಿಗಾಗಿ 7204016012 ಈ ನಂಬರಿಗೆ ಸಂಪರ್ಕಿಸಬಹುದು ಎಂದು ಕೊಪ್ಪಳ ಸಿಡಾಕ್‌ನ ಜಂಟಿ ನಿರ್ದೇಶಕರು ಪ್ರಕಟಣೆಯಲ್ಲಿ ತಿಳಿಸಿದ್ದಾರೆ.
ಕನಕಗಿರಿ, ಕಾರಟಗಿ ಪಟ್ಟಣಗಳಿಗೆ ಕುಡಿಯುವ ನೀರು ಪೂರೈಕೆ: ಇಂದು ಮುಖ್ಯಮಂತ್ರಿಗಳಿಂದ ಶಂಕುಸ್ಥಾಪನೆ
ಸುವರ್ಣವಾಹಿನಿ ಸುದ್ದಿ
ಕೊಪ್ಪಳ,ಅ.05: ನಗರ ಅಭಿವೃದ್ಧಿ ಇಲಾಖೆ, ಜಿಲ್ಲಾಡಳಿತ ಕೊಪ್ಪಳ, ಕರ್ನಾಟಕ ನಗರ ನೀರು ಸರಬರಾಜು ಮತ್ತು ಒಳಚರಂಡಿ ಮಂಡಳಿ ಹಾಗೂ ಪಟ್ಟಣ ಪಂಚಾಯತಿ ಕನಕಗಿರಿ ಮತ್ತು ಪುರಸಭೆ ಕಾರಟಗಿ ಇವರ ಸಂಯುಕ್ತಾಶ್ರಯದಲ್ಲಿ ರೂ.204.57 ಕೋಟಿಗಳ ಮೊತ್ತದ ಅಮೃತ್ 2.0 ಯೋಜನೆಯಡಿ ಕನಕಗಿರಿ ಹಾಗೂ ಕಾರಟಗಿ ಪಟ್ಟಣಗಳಿಗೆ ತುಂಗಭದ್ರಾ ನದಿ ಮೂಲದಿಂದ ಕುಡಿಯುವ ನೀರು ಸರಬರಾಜು ಯೋಜನೆಗೆ ಶಂಕುಸ್ಥಾಪನೆ ಕಾರ್ಯಕ್ರಮವನ್ನು ಅಕ್ಟೋಬರ್ 6 ರ ಸೋಮವಾರದಂದು ಬೆಳಿಗ್ಗೆ 11 ಗಂಟೆಗೆ ಕನಕಗಿರಿ ಪಟ್ಟಣದ ಕನಕಾಚಲ ದೇವಸ್ಥಾನ ಆವರಣದಲ್ಲಿ ಏರ್ಪಡಿಸಲಾಗಿದೆ.
ಸನ್ಮಾನ್ಯ ಮುಖ್ಯಮಂತ್ರಿ ಸಿದ್ದರಾಮಯ್ಯ ಅವರು ಶಂಕುಸ್ಥಾಪನೆ ನೆರವೇರಿಸುವರು. ಉಪಮುಖ್ಯಮಂತ್ರಿ ಡಿ.ಕೆ.ಶಿವಕುಮಾರ್, ನಗರಾಭಿವೃದ್ಧಿ ಹಾಗೂ ಪೌರಾಡಳಿತ ಸಚಿವರು, ಕೃಷಿ ಸಚಿವ ಎನ್.ಚಲುವರಾಯಸ್ವಾಮಿ, ಹಜ್ ಸಚಿವ ರಹೀಂ ಖಾನ್ ಸೇರಿದಂತೆ ಅನೇಕ ಸಚಿವರು, ಜನಪ್ರತಿನಿಧಿಗಳು ಪಾಲ್ಗೊಳ್ಳುವರು.
ಹಿಂದುಳಿದ ವರ್ಗಗಳ ಕಲ್ಯಾಣ, ಕನ್ನಡ ಮತ್ತು ಸಂಸ್ಕೃತಿ ಇಲಾಖೆ ಸಚಿವರು ಹಾಗೂ ಕೊಪ್ಪಳ ಜಿಲ್ಲಾ ಉಸ್ತುವಾರಿ ಸಚಿವರಾದ ಶಿವರಾಜ ಸಂಗಡಗಿ ಶಿವರಾಜ ಸಂಗಪ್ಪ ಅವರು ಕಾರ್ಯಕ್ರಮದ ಅಧ್ಯಕ್ಷತೆ ವಹಿಸುವರು.
ಕೊಪ್ಪಳ ಸಂಸದರಾದ ಕೆ.ರಾಜಶೇಖರ ಹಿಟ್ನಾಳ, ಕೊಪ್ಪಳ ಶಾಸಕರಾದ ಕೆ.ರಾಘವೇಂದ್ರ ಹಿಟ್ನಾಳ, ಗಂಗಾವತಿ ಶಾಸಕರಾದ ಜಿ.ಜನಾರ್ದನ ರೆಡ್ಡಿ, ವಿಧಾನ ಪರಿಷತ್ ಸದಸ್ಯರಾದ ಶರೀಲ್ ಜಿ. ನಮೋಶಿ, ಬಸನಗೌಡ ಬಿ.ಪಾಟೀಲ, ಹೇಮಲತಾ ನಾಯಕ ಸೇರಿದಂತೆ ತುಂಗಭದ್ರಾ ಕಾಡಾ ಅಧ್ಯಕ್ಷರು, ಕನಕಗಿರಿ ಪಟ್ಟಣ ಪಂಚಾಯತಿ ಅಧ್ಯಕ್ಷರು, ಕಾರಟಗಿ ಪುರಸಭೆ ಅಧ್ಯಕ್ಷರು ಮುಖ್ಯ ಅತಿಥಿಗಳಾಗಿ ಆಗಮಿಸುವರು.
ವಿಶೇಷ ಆಹ್ವಾನಿತರಾಗಿ ಕರ್ನಾಟಕ ರಾಜ್ಯ ಮೂಲಭೂತ ಸೌಕರ್ಯ ಅಭಿವೃದ್ಧಿ ನಿಗಮ, ತುಂಗಭದ್ರಾ ಜಲಾಶಯ ಯೋಜನೆ, ಕೆಕೆಆರ್‌ಡಿಬಿ ಅಧ್ಯಕ್ಷರು, ಜಿಲ್ಲಾ ಪಂಚಾಯತ್ ಮುಖ್ಯ ಕಾರ್ಯನಿರ್ವಾಹಕ ಅಧಿಕಾರಿ ವರ್ಣಿತ್ ನೇಗಿ, ಜಿಲ್ಲಾ ಪೊಲೀಸ್ ವರಿಷ್ಠಾಧಿಕಾರಿ ಡಾ.ರಾಮ್ ಎಲ್. ಅರಸಿದ್ದಿ ಹಾಗೂ ಜಿಲ್ಲಾಧಿಕಾರಿ ಡಾ.ಸುರೇಶ ಬಿ.ಇಟ್ನಾಳ್ ಉಪಸ್ಥಿತರಿರುವರು.
ವರಿಷ್ಠಾಧಿಕಾರಿ ಡಾ.ರಾಮ್ ಎಲ್. ಅರಸಿದ್ದಿ ಅವರು ಆಗಮಿಸುವರು. ಕನಕಗಿರಿ ಮತ್ತು ಕಾರಟಗಿ ಪಟ್ಟಣಗಳ ಜನತೆಗೆ ಶುದ್ಧ ಕುಡಿಯುವ ನೀರು ಪೂರೈಸುವ ಮಹತ್ವಾಕಾಂಕ್ಷಿ ಯೋಜನೆ ಇದಾಗಿದ್ದು, ಸಾರ್ವಜನಿಕರು ಕಾರ್ಯಕ್ರಮದಲ್ಲಿ ಪಾಲ್ಗೊಂಡು ಯಶಸ್ವಿಗೊಳಿಸಬೇಕು ಎಂದು ಕನಕಗಿರಿ ಪಟ್ಟಣ ಪಂಚಾಯತಿ ಮುಖ್ಯಾಧಿಕಾರಿಗಳು ತಿಳಿಸಿದ್ದಾರೆ.
Suvarna vaahini Kannada Daily, Owner/Editor : V.Ravi, Published at: ( Responsible for selection of news under the PRB Act), Printed :V.Ravi,
Publication: SHREE SHAILA PRINTERS, opp.Eranna Gudi Road,Eslampura,Gangavathi - 581227. Koppal Dist.Karnataka. RNI NO: KARKAN/2022/82651
